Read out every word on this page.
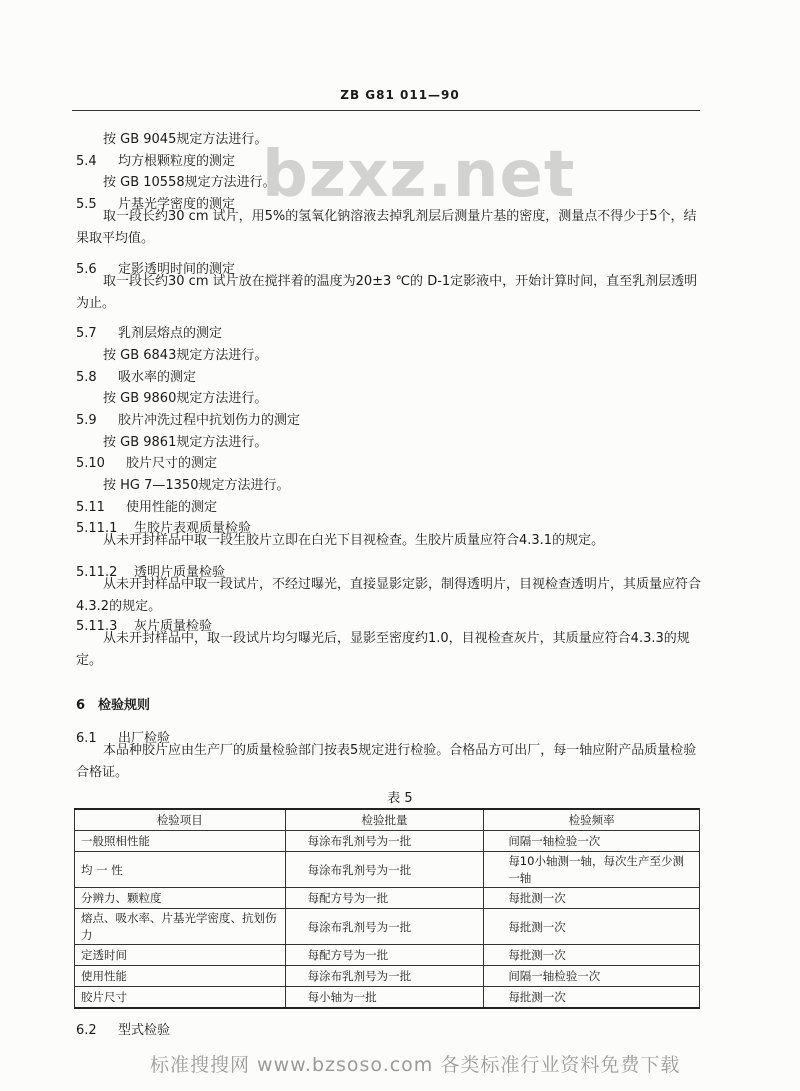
ZB G81 011—90
bzxz.net
按 GB 9045规定方法进行。
5.4 均方根颗粒度的测定
按 GB 10558规定方法进行。
5.5 片基光学密度的测定
取一段长约30 cm 试片，用5%的氢氧化钠溶液去掉乳剂层后测量片基的密度，测量点不得少于5个，结果取平均值。
5.6 定影透明时间的测定
取一段长约30 cm 试片放在搅拌着的温度为20±3 ℃的 D-1定影液中，开始计算时间，直至乳剂层透明为止。
5.7 乳剂层熔点的测定
按 GB 6843规定方法进行。
5.8 吸水率的测定
按 GB 9860规定方法进行。
5.9 胶片冲洗过程中抗划伤力的测定
按 GB 9861规定方法进行。
5.10 胶片尺寸的测定
按 HG 7—1350规定方法进行。
5.11 使用性能的测定
5.11.1 生胶片表观质量检验
从未开封样品中取一段生胶片立即在白光下目视检查。生胶片质量应符合4.3.1的规定。
5.11.2 透明片质量检验
从未开封样品中取一段试片，不经过曝光，直接显影定影，制得透明片，目视检查透明片，其质量应符合4.3.2的规定。
5.11.3 灰片质量检验
从未开封样品中，取一段试片均匀曝光后，显影至密度约1.0，目视检查灰片，其质量应符合4.3.3的规定。
6 检验规则
6.1 出厂检验
本品种胶片应由生产厂的质量检验部门按表5规定进行检验。合格品方可出厂，每一轴应附产品质量检验合格证。
表 5
检验项目	检验批量	检验频率
一般照相性能	每涂布乳剂号为一批	间隔一轴检验一次
均 一 性	每涂布乳剂号为一批	每10小轴测一轴，每次生产至少测一轴
分辨力、颗粒度	每配方号为一批	每批测一次
熔点、吸水率、片基光学密度、抗划伤力	每涂布乳剂号为一批	每批测一次
定透时间	每配方号为一批	每批测一次
使用性能	每涂布乳剂号为一批	间隔一轴检验一次
胶片尺寸	每小轴为一批	每批测一次
6.2 型式检验
标准搜搜网 www.bzsoso.com 各类标准行业资料免费下载
